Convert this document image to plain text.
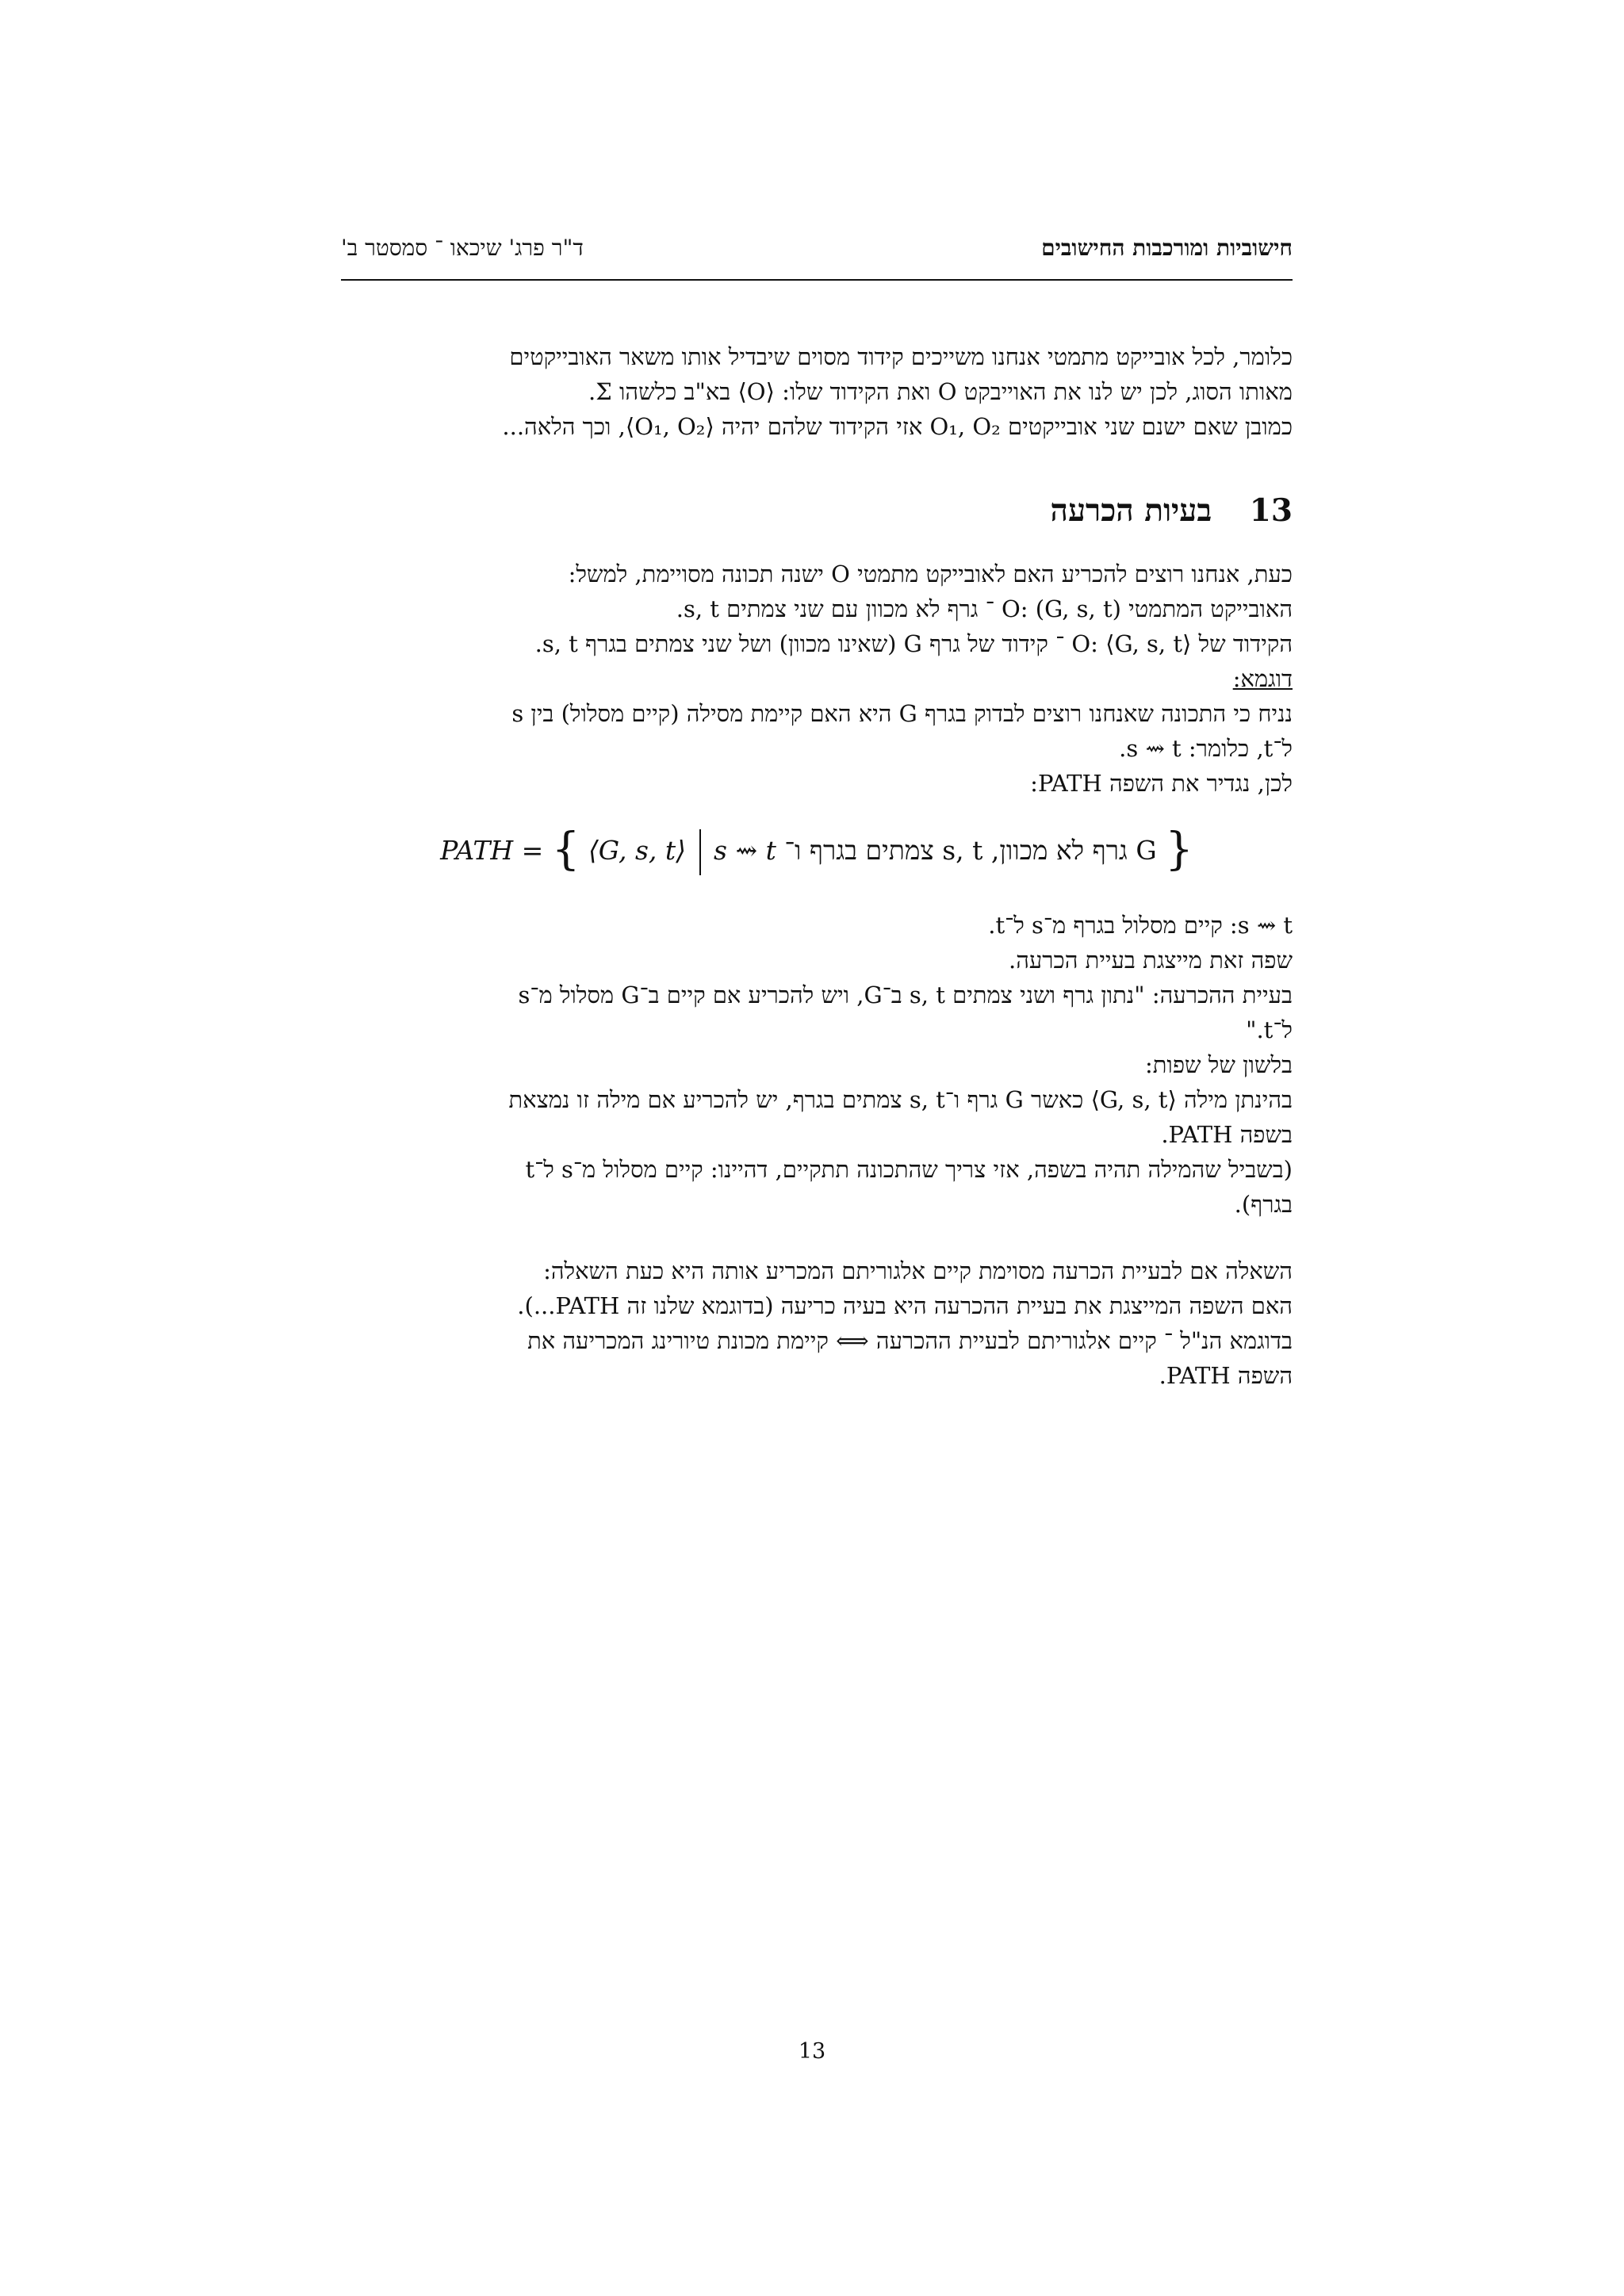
חישוביות ומורכבות החישובים
ד"ר פרג' שיכאו ־ סמסטר ב'
כלומר, לכל אובייקט מתמטי אנחנו משייכים קידוד מסוים שיבדיל אותו משאר האובייקטים
מאותו הסוג, לכן יש לנו את האוייבקט O ואת הקידוד שלו: ⟨O⟩ בא"ב כלשהו Σ.
כמובן שאם ישנם שני אובייקטים O₁, O₂ אזי הקידוד שלהם יהיה ⟨O₁, O₂⟩, וכך הלאה...
13 בעיות הכרעה
כעת, אנחנו רוצים להכריע האם לאובייקט מתמטי O ישנה תכונה מסויימת, למשל:
האובייקט המתמטי O: (G, s, t) ־ גרף לא מכוון עם שני צמתים s, t.
הקידוד של O: ⟨G, s, t⟩ ־ קידוד של גרף G (שאינו מכוון) ושל שני צמתים בגרף s, t.
דוגמא:
נניח כי התכונה שאנחנו רוצים לבדוק בגרף G היא האם קיימת מסילה (קיים מסלול) בין s
ל־t, כלומר: s ⇝ t.
לכן, נגדיר את השפה PATH:
PATH = { ⟨G, s, t⟩ s ⇝ t G גרף לא מכוון, s, t צמתים בגרף ו־ }
s ⇝ t: קיים מסלול בגרף מ־s ל־t.
שפה זאת מייצגת בעיית הכרעה.
בעיית ההכרעה: "נתון גרף ושני צמתים s, t ב־G, ויש להכריע אם קיים ב־G מסלול מ־s
ל־t."
בלשון של שפות:
בהינתן מילה ⟨G, s, t⟩ כאשר G גרף ו־s, t צמתים בגרף, יש להכריע אם מילה זו נמצאת
בשפה PATH.
(בשביל שהמילה תהיה בשפה, אזי צריך שהתכונה תתקיים, דהיינו: קיים מסלול מ־s ל־t
בגרף).
השאלה אם לבעיית הכרעה מסוימת קיים אלגוריתם המכריע אותה היא כעת השאלה:
האם השפה המייצגת את בעיית ההכרעה היא בעיה כריעה (בדוגמא שלנו זה PATH...).
בדוגמא הנ"ל ־ קיים אלגוריתם לבעיית ההכרעה ⟺ קיימת מכונת טיורינג המכריעה את
השפה PATH.
13
